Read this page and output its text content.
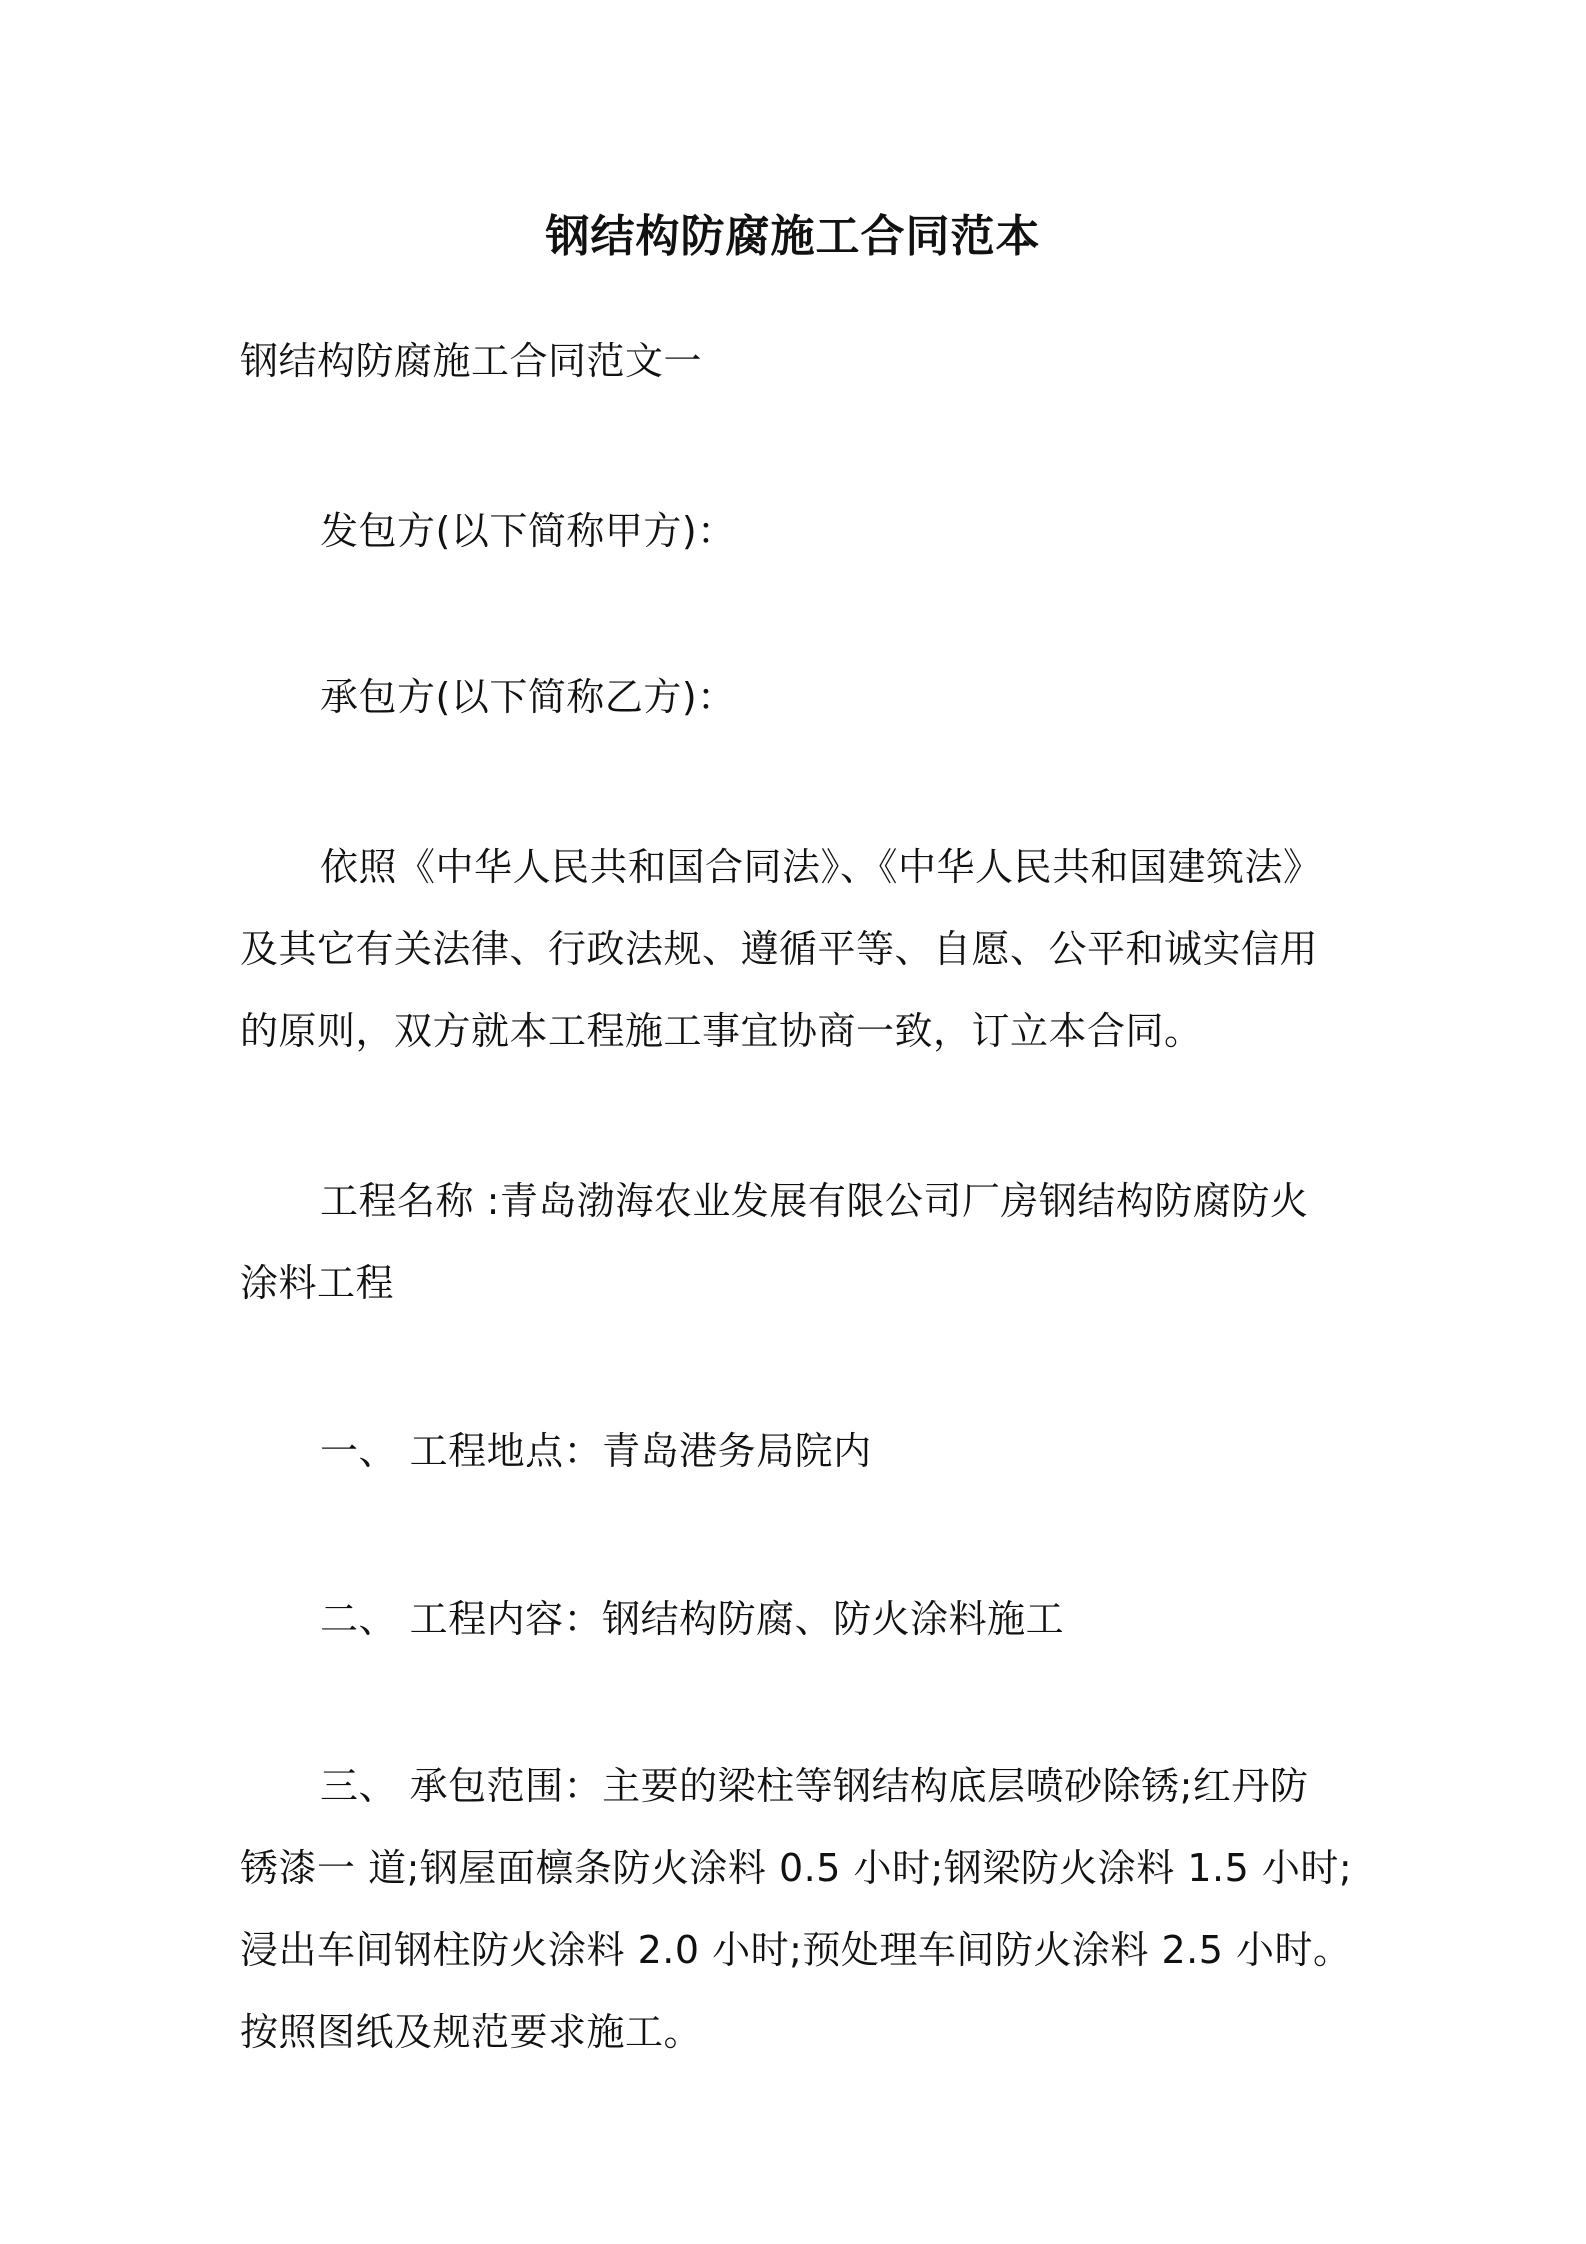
钢结构防腐施工合同范本
钢结构防腐施工合同范文一
发包方(以下简称甲方)：
承包方(以下简称乙方)：
依照《中华人民共和国合同法》、《中华人民共和国建筑法》
及其它有关法律、行政法规、遵循平等、自愿、公平和诚实信用
的原则，双方就本工程施工事宜协商一致，订立本合同。
工程名称 :青岛渤海农业发展有限公司厂房钢结构防腐防火
涂料工程
一、 工程地点：青岛港务局院内
二、 工程内容：钢结构防腐、防火涂料施工
三、 承包范围：主要的梁柱等钢结构底层喷砂除锈;红丹防
锈漆一 道;钢屋面檩条防火涂料 0.5 小时;钢梁防火涂料 1.5 小时;
浸出车间钢柱防火涂料 2.0 小时;预处理车间防火涂料 2.5 小时。
按照图纸及规范要求施工。
